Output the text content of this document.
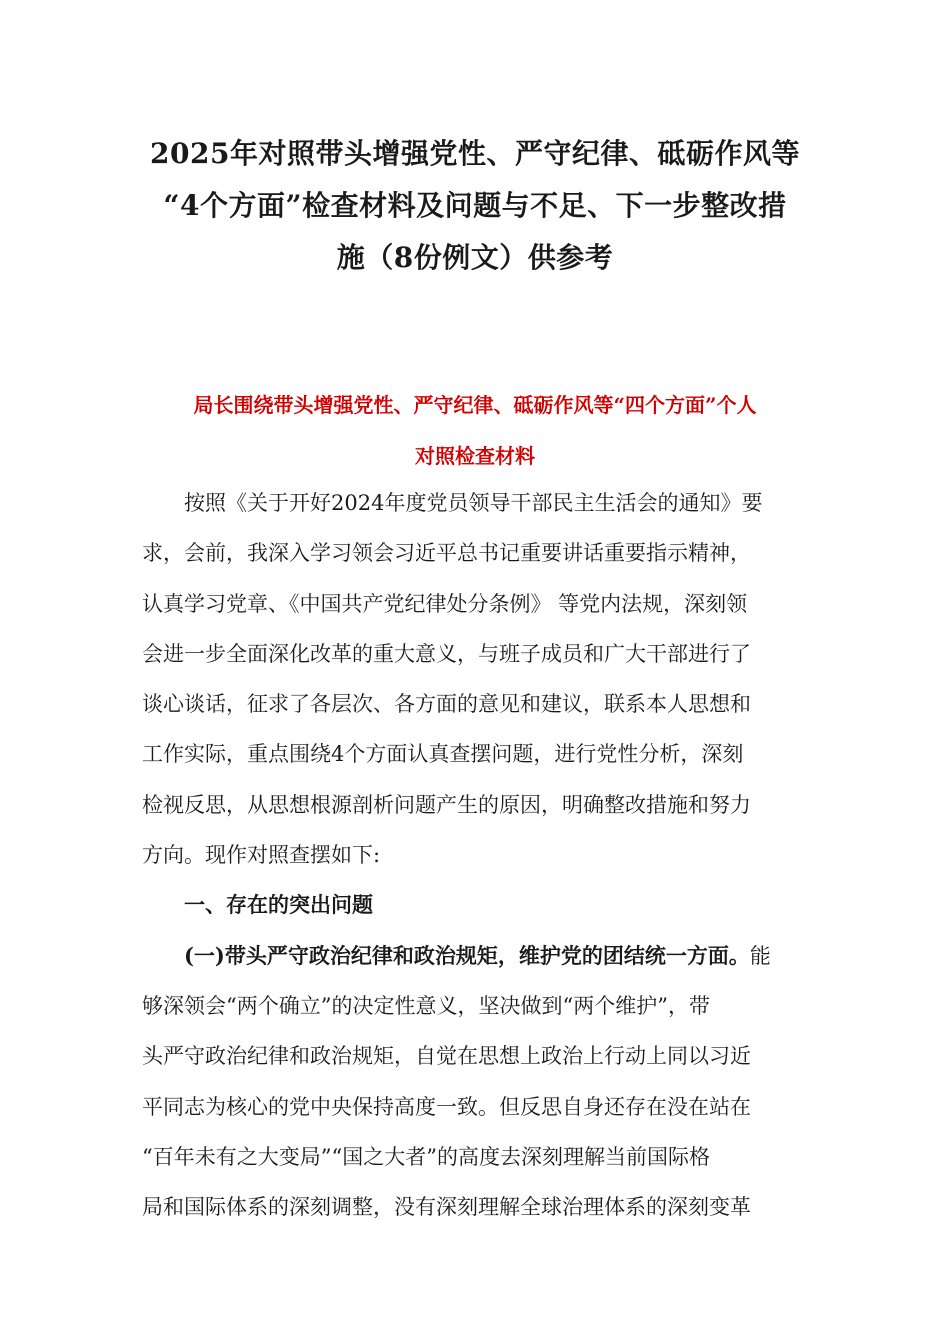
2025年对照带头增强党性、严守纪律、砥砺作风等
“4个方面”检查材料及问题与不足、下一步整改措
施（8份例文）供参考
局长围绕带头增强党性、严守纪律、砥砺作风等“四个方面”个人
对照检查材料
按照《关于开好2024年度党员领导干部民主生活会的通知》要
求，会前，我深入学习领会习近平总书记重要讲话重要指示精神，
认真学习党章、《中国共产党纪律处分条例》 等党内法规，深刻领
会进一步全面深化改革的重大意义，与班子成员和广大干部进行了
谈心谈话，征求了各层次、各方面的意见和建议，联系本人思想和
工作实际，重点围绕4个方面认真查摆问题，进行党性分析，深刻
检视反思，从思想根源剖析问题产生的原因，明确整改措施和努力
方向。现作对照查摆如下:
一、存在的突出问题
(一)带头严守政治纪律和政治规矩，维护党的团结统一方面。能
够深领会“两个确立”的决定性意义，坚决做到“两个维护”，带
头严守政治纪律和政治规矩，自觉在思想上政治上行动上同以习近
平同志为核心的党中央保持高度一致。但反思自身还存在没在站在
“百年未有之大变局”“国之大者”的高度去深刻理解当前国际格
局和国际体系的深刻调整，没有深刻理解全球治理体系的深刻变革
